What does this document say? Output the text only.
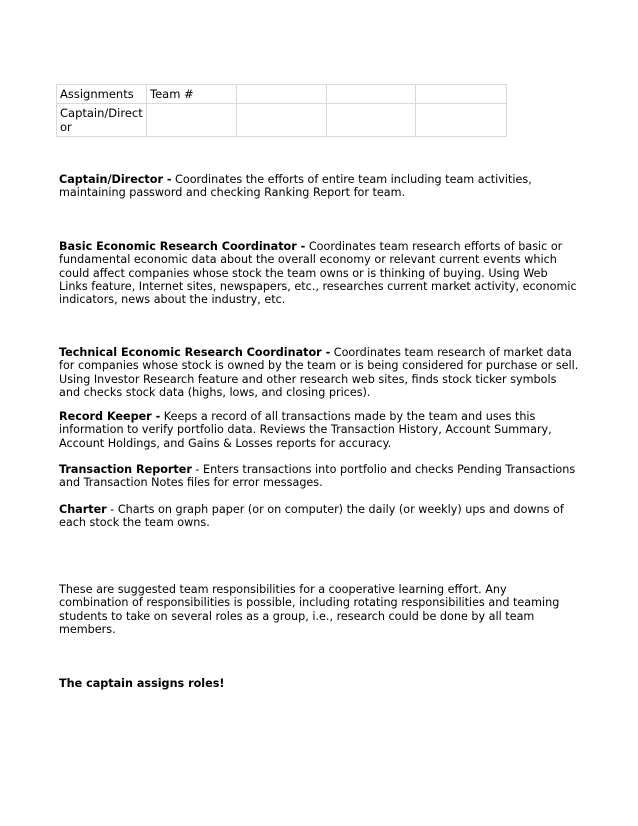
Assignments	Team #			
Captain/Director				

Captain/Director - Coordinates the efforts of entire team including team activities, maintaining password and checking Ranking Report for team.

Basic Economic Research Coordinator - Coordinates team research efforts of basic or fundamental economic data about the overall economy or relevant current events which could affect companies whose stock the team owns or is thinking of buying. Using Web Links feature, Internet sites, newspapers, etc., researches current market activity, economic indicators, news about the industry, etc.

Technical Economic Research Coordinator - Coordinates team research of market data for companies whose stock is owned by the team or is being considered for purchase or sell. Using Investor Research feature and other research web sites, finds stock ticker symbols and checks stock data (highs, lows, and closing prices).

Record Keeper - Keeps a record of all transactions made by the team and uses this information to verify portfolio data. Reviews the Transaction History, Account Summary, Account Holdings, and Gains & Losses reports for accuracy.

Transaction Reporter - Enters transactions into portfolio and checks Pending Transactions and Transaction Notes files for error messages.

Charter - Charts on graph paper (or on computer) the daily (or weekly) ups and downs of each stock the team owns.

These are suggested team responsibilities for a cooperative learning effort. Any combination of responsibilities is possible, including rotating responsibilities and teaming students to take on several roles as a group, i.e., research could be done by all team members.

The captain assigns roles!
